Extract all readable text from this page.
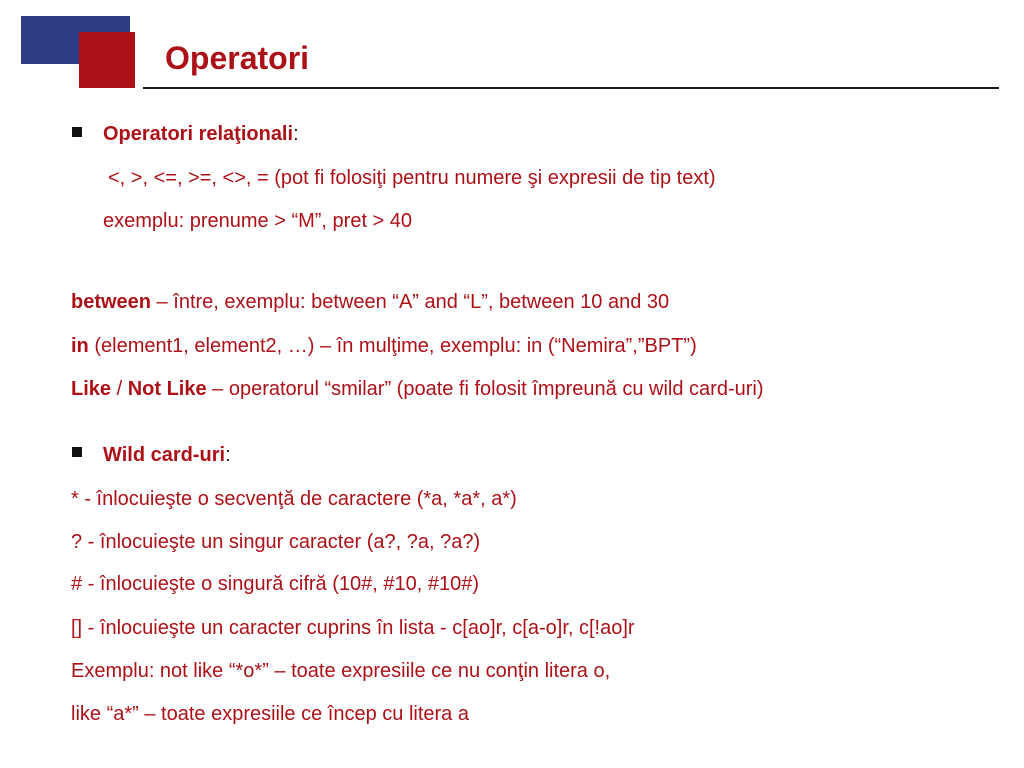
Operatori
Operatori relaţionali:
<, >, <=, >=, <>, = (pot fi folosiţi pentru numere şi expresii de tip text)
exemplu: prenume > “M”, pret > 40
between – între, exemplu: between “A” and “L”, between 10 and 30
in (element1, element2, …) – în mulţime, exemplu: in (“Nemira”,”BPT”)
Like / Not Like – operatorul “smilar” (poate fi folosit împreună cu wild card-uri)
Wild card-uri:
* - înlocuieşte o secvenţă de caractere (*a, *a*, a*)
? - înlocuieşte un singur caracter (a?, ?a, ?a?)
# - înlocuieşte o singură cifră (10#, #10, #10#)
[] - înlocuieşte un caracter cuprins în lista - c[ao]r, c[a-o]r, c[!ao]r
Exemplu: not like “*o*” – toate expresiile ce nu conţin litera o,
like “a*” – toate expresiile ce încep cu litera a
